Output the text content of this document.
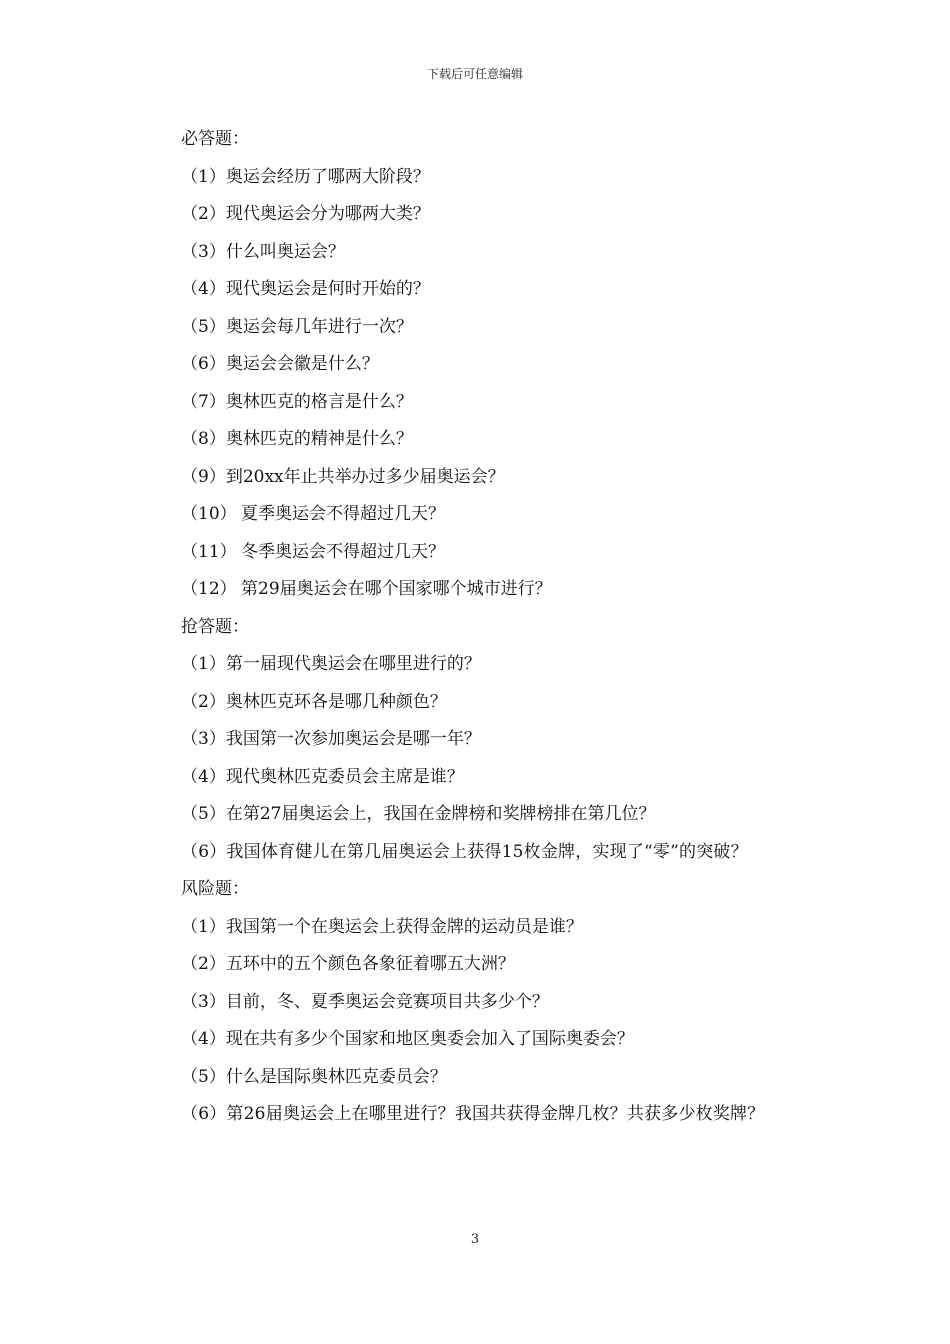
下载后可任意编辑
必答题：
（1）奥运会经历了哪两大阶段？
（2）现代奥运会分为哪两大类？
（3）什么叫奥运会？
（4）现代奥运会是何时开始的？
（5）奥运会每几年进行一次？
（6）奥运会会徽是什么？
（7）奥林匹克的格言是什么？
（8）奥林匹克的精神是什么？
（9）到20xx年止共举办过多少届奥运会？
（10） 夏季奥运会不得超过几天？
（11） 冬季奥运会不得超过几天？
（12） 第29届奥运会在哪个国家哪个城市进行？
抢答题：
（1）第一届现代奥运会在哪里进行的？
（2）奥林匹克环各是哪几种颜色？
（3）我国第一次参加奥运会是哪一年？
（4）现代奥林匹克委员会主席是谁？
（5）在第27届奥运会上，我国在金牌榜和奖牌榜排在第几位？
（6）我国体育健儿在第几届奥运会上获得15枚金牌，实现了“零”的突破？
风险题：
（1）我国第一个在奥运会上获得金牌的运动员是谁？
（2）五环中的五个颜色各象征着哪五大洲？
（3）目前，冬、夏季奥运会竞赛项目共多少个？
（4）现在共有多少个国家和地区奥委会加入了国际奥委会？
（5）什么是国际奥林匹克委员会？
（6）第26届奥运会上在哪里进行？我国共获得金牌几枚？共获多少枚奖牌？
3
